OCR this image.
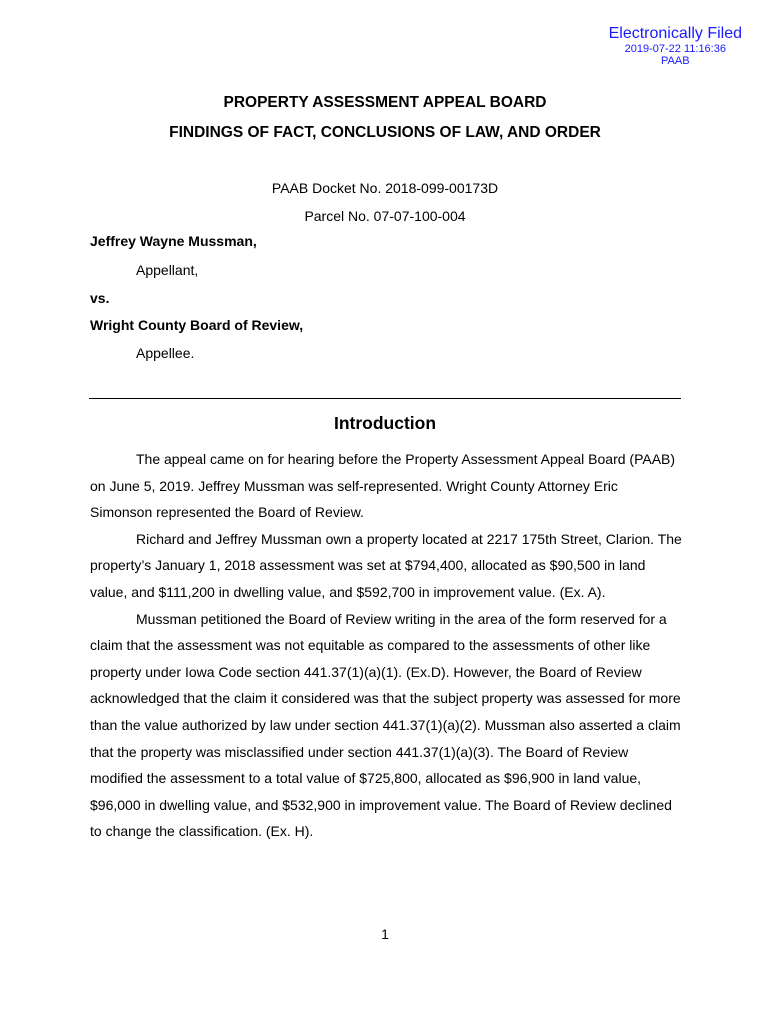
Electronically Filed
2019-07-22 11:16:36
PAAB
PROPERTY ASSESSMENT APPEAL BOARD
FINDINGS OF FACT, CONCLUSIONS OF LAW, AND ORDER
PAAB Docket No. 2018-099-00173D
Parcel No. 07-07-100-004
Jeffrey Wayne Mussman,
Appellant,
vs.
Wright County Board of Review,
Appellee.
Introduction

The appeal came on for hearing before the Property Assessment Appeal Board (PAAB) on June 5, 2019. Jeffrey Mussman was self-represented. Wright County Attorney Eric Simonson represented the Board of Review.

Richard and Jeffrey Mussman own a property located at 2217 175th Street, Clarion. The property’s January 1, 2018 assessment was set at $794,400, allocated as $90,500 in land value, and $111,200 in dwelling value, and $592,700 in improvement value. (Ex. A).

Mussman petitioned the Board of Review writing in the area of the form reserved for a claim that the assessment was not equitable as compared to the assessments of other like property under Iowa Code section 441.37(1)(a)(1). (Ex.D). However, the Board of Review acknowledged that the claim it considered was that the subject property was assessed for more than the value authorized by law under section 441.37(1)(a)(2). Mussman also asserted a claim that the property was misclassified under section 441.37(1)(a)(3). The Board of Review modified the assessment to a total value of $725,800, allocated as $96,900 in land value, $96,000 in dwelling value, and $532,900 in improvement value. The Board of Review declined to change the classification. (Ex. H).

1
